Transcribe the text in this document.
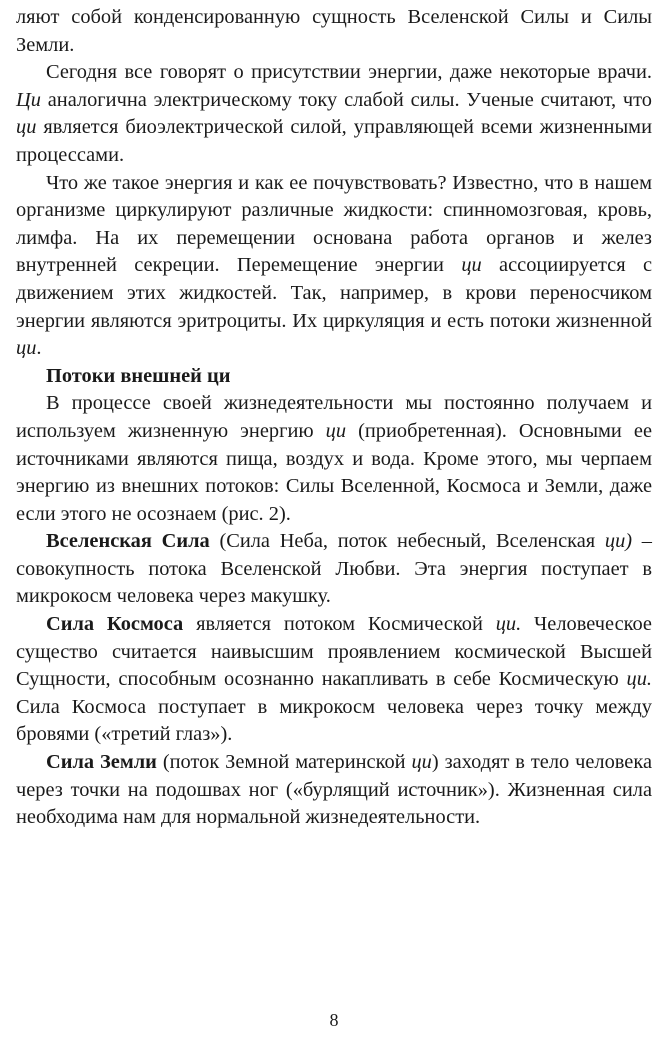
ляют собой конденсированную сущность Вселенской Силы и Силы Земли.

Сегодня все говорят о присутствии энергии, даже некоторые врачи. Ци аналогична электрическому току слабой силы. Ученые считают, что ци является биоэлектрической силой, управляющей всеми жизненными процессами.

Что же такое энергия и как ее почувствовать? Известно, что в нашем организме циркулируют различные жидкости: спинномозговая, кровь, лимфа. На их перемещении основана работа органов и желез внутренней секреции. Перемещение энергии ци ассоциируется с движением этих жидкостей. Так, например, в крови переносчиком энергии являются эритроциты. Их циркуляция и есть потоки жизненной ци.

Потоки внешней ци

В процессе своей жизнедеятельности мы постоянно получаем и используем жизненную энергию ци (приобретенная). Основными ее источниками являются пища, воздух и вода. Кроме этого, мы черпаем энергию из внешних потоков: Силы Вселенной, Космоса и Земли, даже если этого не осознаем (рис. 2).

Вселенская Сила (Сила Неба, поток небесный, Вселенская ци) – совокупность потока Вселенской Любви. Эта энергия поступает в микрокосм человека через макушку.

Сила Космоса является потоком Космической ци. Человеческое существо считается наивысшим проявлением космической Высшей Сущности, способным осознанно накапливать в себе Космическую ци. Сила Космоса поступает в микрокосм человека через точку между бровями («третий глаз»).

Сила Земли (поток Земной материнской ци) заходят в тело человека через точки на подошвах ног («бурлящий источник»). Жизненная сила необходима нам для нормальной жизнедеятельности.

8
